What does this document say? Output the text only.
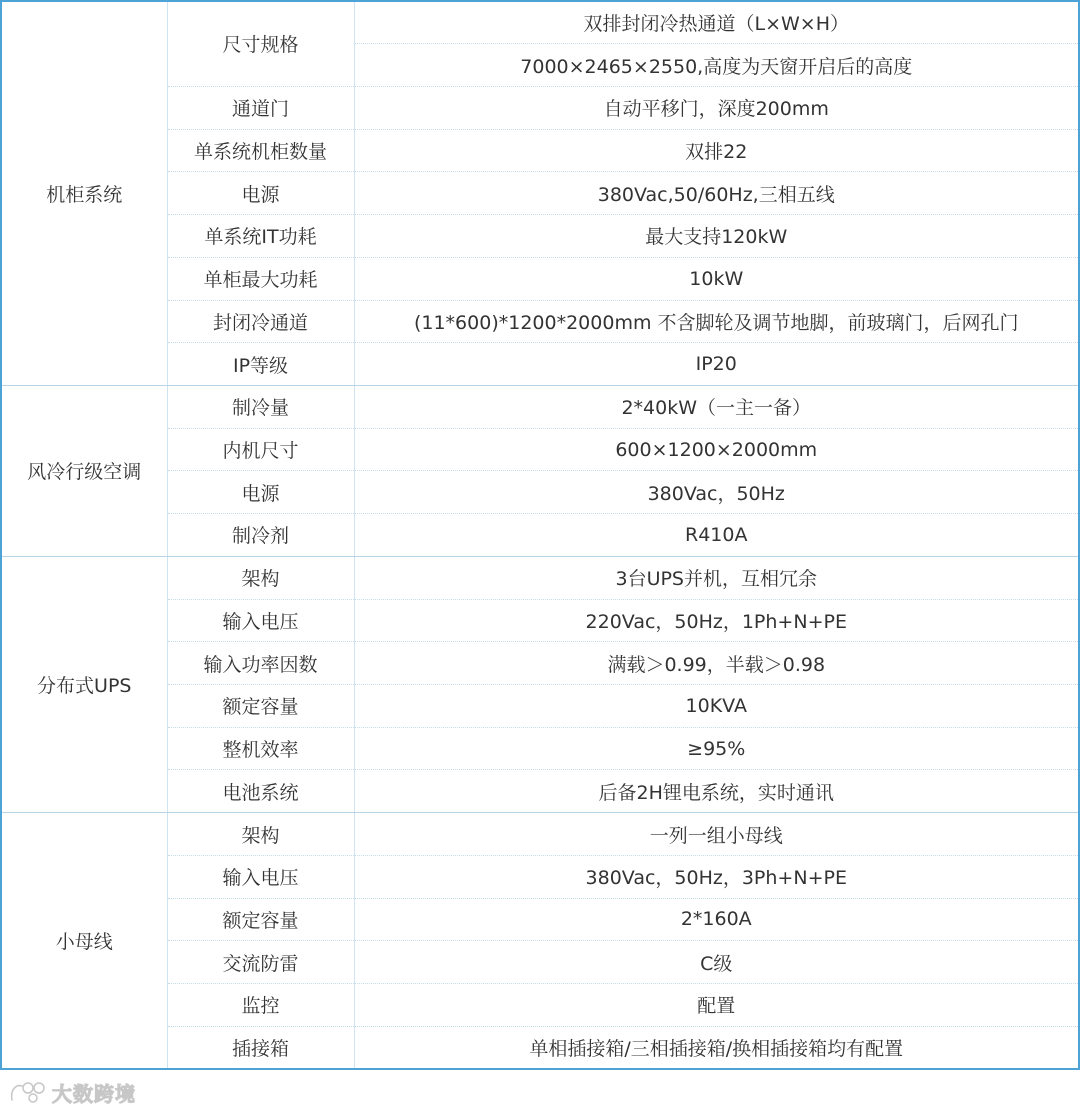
机柜系统	尺寸规格	双排封闭冷热通道（L×W×H）
		7000×2465×2550,高度为天窗开启后的高度
	通道门	自动平移门，深度200mm
	单系统机柜数量	双排22
	电源	380Vac,50/60Hz,三相五线
	单系统IT功耗	最大支持120kW
	单柜最大功耗	10kW
	封闭冷通道	(11*600)*1200*2000mm 不含脚轮及调节地脚，前玻璃门，后网孔门
	IP等级	IP20
风冷行级空调	制冷量	2*40kW（一主一备）
	内机尺寸	600×1200×2000mm
	电源	380Vac，50Hz
	制冷剂	R410A
分布式UPS	架构	3台UPS并机，互相冗余
	输入电压	220Vac，50Hz，1Ph+N+PE
	输入功率因数	满载＞0.99，半载＞0.98
	额定容量	10KVA
	整机效率	≥95%
	电池系统	后备2H锂电系统，实时通讯
小母线	架构	一列一组小母线
	输入电压	380Vac，50Hz，3Ph+N+PE
	额定容量	2*160A
	交流防雷	C级
	监控	配置
	插接箱	单相插接箱/三相插接箱/换相插接箱均有配置
大数跨境
